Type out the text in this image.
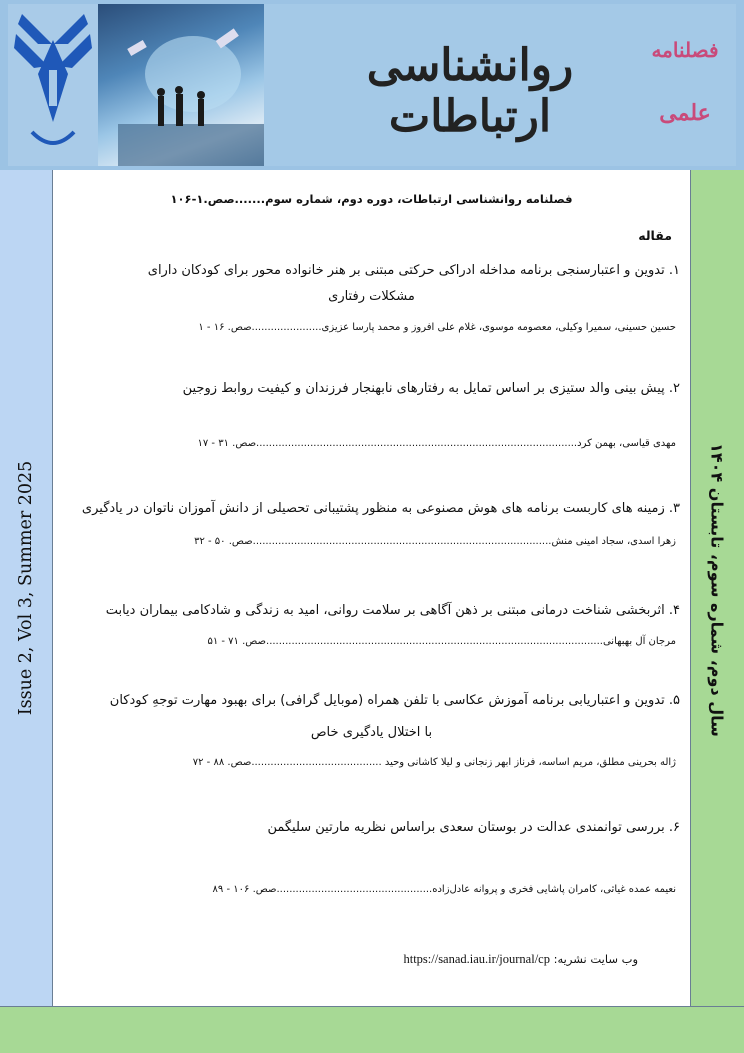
روانشناسی ارتباطات
فصلنامه
علمی
Issue 2, Vol 3, Summer 2025	سال دوم، شماره سوم، تابستان ۱۴۰۴
فصلنامه روانشناسی ارتباطات، دوره دوم، شماره سوم.......صص.۱-۱۰۶
مقاله
۱. تدوین و اعتبارسنجی برنامه مداخله ادراکی حرکتی مبتنی بر هنر خانواده محور برای کودکان دارای
مشکلات رفتاری
حسین حسینی، سمیرا وکیلی، معصومه موسوی، غلام علی افروز و محمد پارسا عزیزی......................صص. ۱ - ۱۶
۲. پیش بینی والد ستیزی بر اساس تمایل به رفتارهای نابهنجار فرزندان و کیفیت روابط زوجین
مهدی قیاسی، بهمن کرد.....................................................................................................صص. ۱۷ - ۳۱
۳. زمینه های کاربست برنامه های هوش مصنوعی به منظور پشتیبانی تحصیلی از دانش آموزان ناتوان در یادگیری
زهرا اسدی، سجاد امینی منش..............................................................................................صص. ۳۲ - ۵۰
۴. اثربخشی شناخت درمانی مبتنی بر ذهن آگاهی بر سلامت روانی، امید به زندگی و شادکامی بیماران دیابت
مرجان آل بهبهانی..........................................................................................................صص. ۵۱ - ۷۱
۵. تدوین و اعتباریابی برنامه آموزش عکاسی با تلفن همراه (موبایل گرافی) برای بهبود مهارت توجهِ کودکان
با اختلال یادگیری خاص
ژاله بحرینی مطلق، مریم اساسه، فرناز ابهر زنجانی و لیلا کاشانی وحید .........................................صص. ۷۲ - ۸۸
۶. بررسی توانمندی عدالت در بوستان سعدی براساس نظریه مارتین سلیگمن
نعیمه عمده غیاثی، کامران پاشایی فخری و پروانه عادل‌زاده.................................................صص. ۸۹ - ۱۰۶
وب سایت نشریه: https://sanad.iau.ir/journal/cp
